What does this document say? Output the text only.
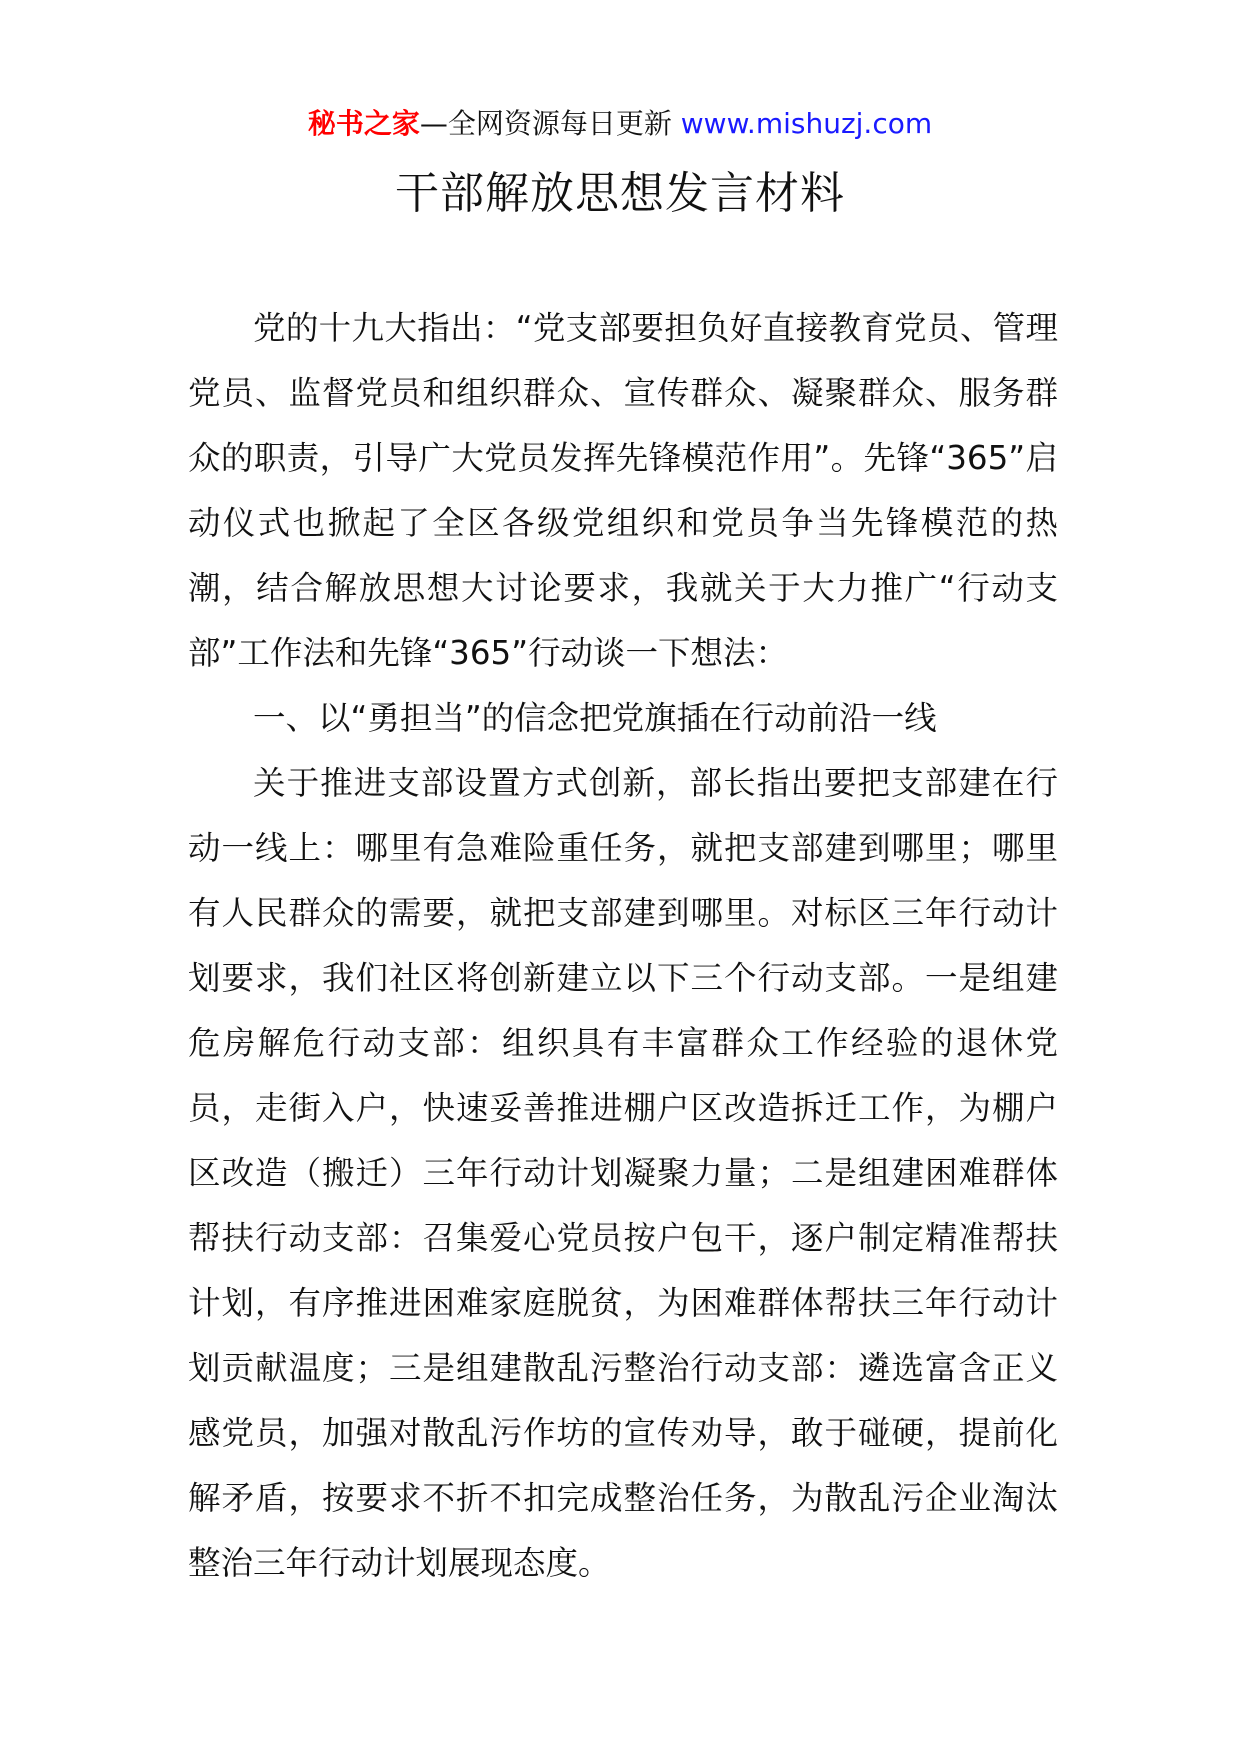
秘书之家—全网资源每日更新 www.mishuzj.com
干部解放思想发言材料

党的十九大指出：“党支部要担负好直接教育党员、管理党员、监督党员和组织群众、宣传群众、凝聚群众、服务群众的职责，引导广大党员发挥先锋模范作用”。先锋“365”启动仪式也掀起了全区各级党组织和党员争当先锋模范的热潮，结合解放思想大讨论要求，我就关于大力推广“行动支部”工作法和先锋“365”行动谈一下想法：

一、以“勇担当”的信念把党旗插在行动前沿一线

关于推进支部设置方式创新，部长指出要把支部建在行动一线上：哪里有急难险重任务，就把支部建到哪里；哪里有人民群众的需要，就把支部建到哪里。对标区三年行动计划要求，我们社区将创新建立以下三个行动支部。一是组建危房解危行动支部：组织具有丰富群众工作经验的退休党员，走街入户，快速妥善推进棚户区改造拆迁工作，为棚户区改造（搬迁）三年行动计划凝聚力量；二是组建困难群体帮扶行动支部：召集爱心党员按户包干，逐户制定精准帮扶计划，有序推进困难家庭脱贫，为困难群体帮扶三年行动计划贡献温度；三是组建散乱污整治行动支部：遴选富含正义感党员，加强对散乱污作坊的宣传劝导，敢于碰硬，提前化解矛盾，按要求不折不扣完成整治任务，为散乱污企业淘汰整治三年行动计划展现态度。
